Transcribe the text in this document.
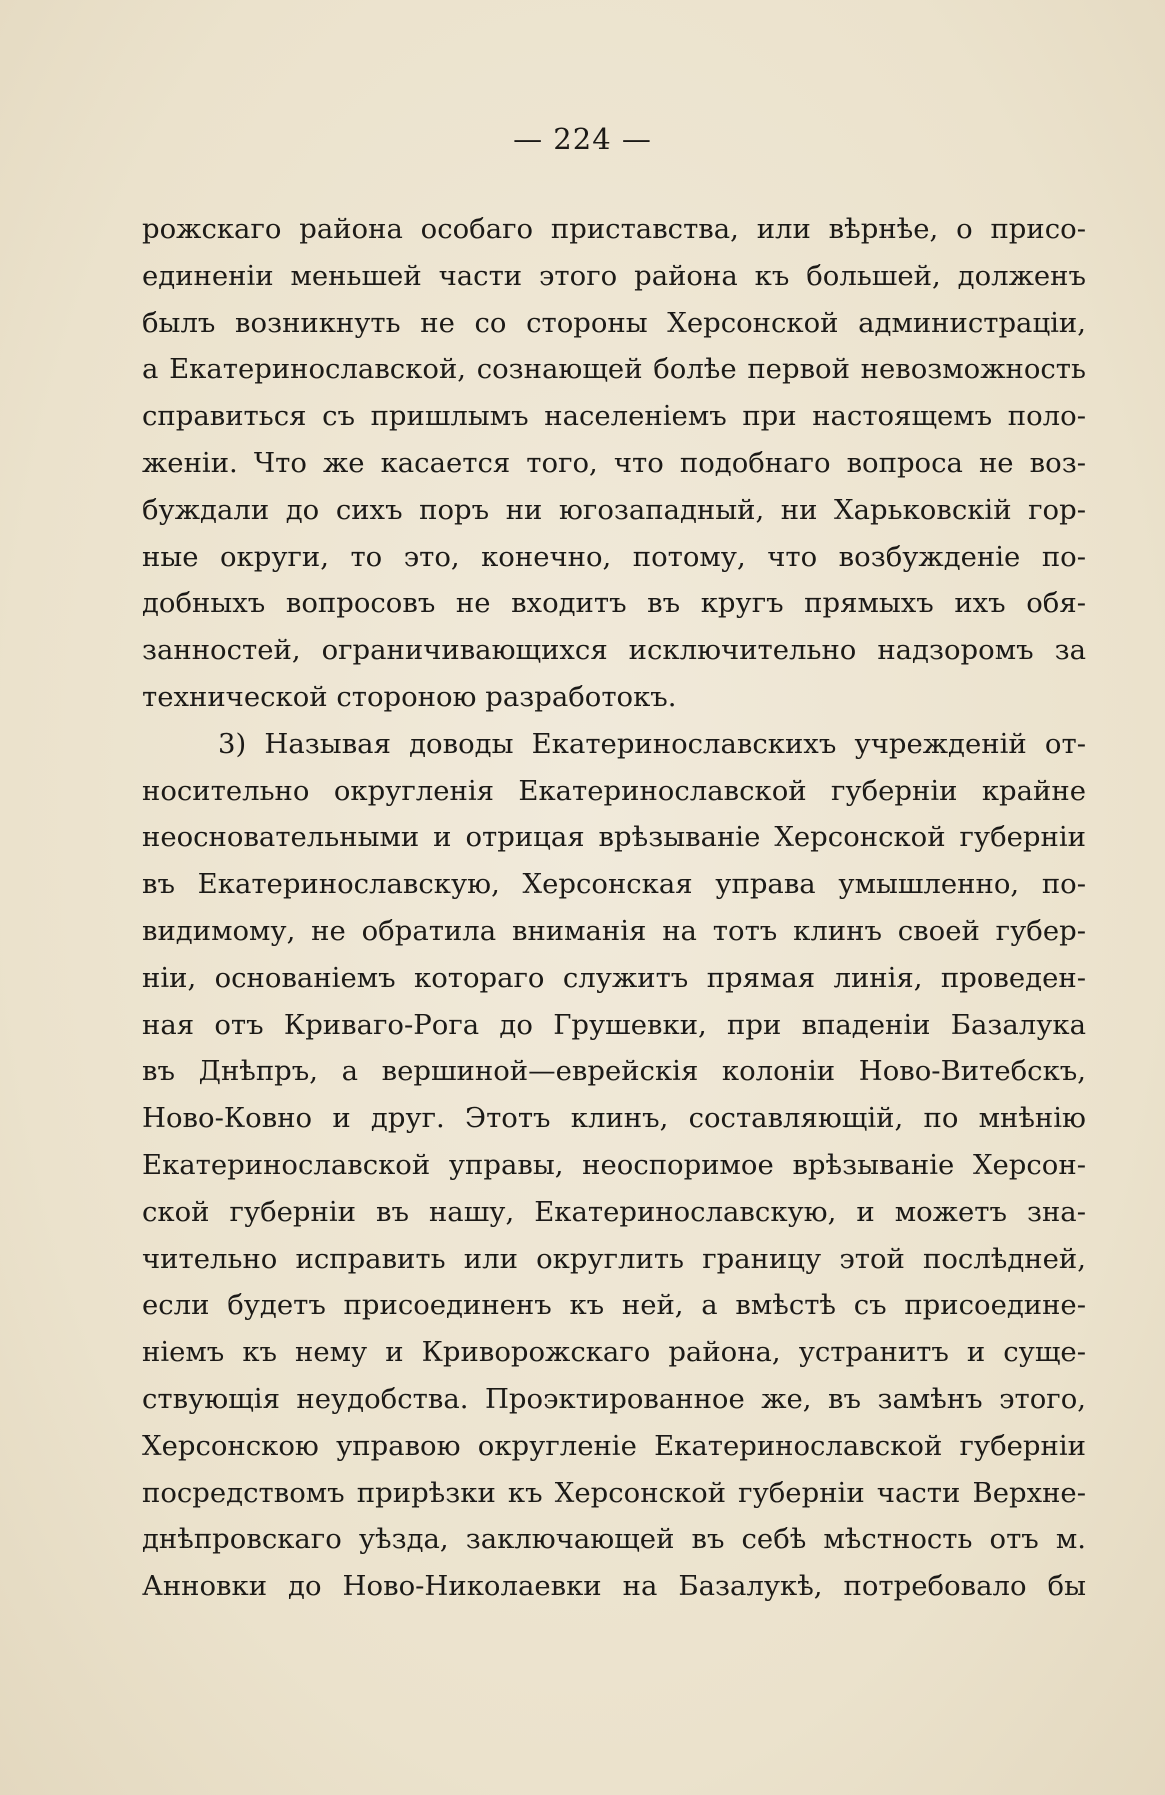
— 224 —
рожскаго района особаго приставства, или вѣрнѣе, о присо-
единеніи меньшей части этого района къ большей, долженъ
былъ возникнуть не со стороны Херсонской администраціи,
а Екатеринославской, сознающей болѣе первой невозможность
справиться съ пришлымъ населеніемъ при настоящемъ поло-
женіи. Что же касается того, что подобнаго вопроса не воз-
буждали до сихъ поръ ни югозападный, ни Харьковскій гор-
ные округи, то это, конечно, потому, что возбужденіе по-
добныхъ вопросовъ не входитъ въ кругъ прямыхъ ихъ обя-
занностей, ограничивающихся исключительно надзоромъ за
технической стороною разработокъ.
3) Называя доводы Екатеринославскихъ учрежденій от-
носительно округленія Екатеринославской губерніи крайне
неосновательными и отрицая врѣзываніе Херсонской губерніи
въ Екатеринославскую, Херсонская управа умышленно, по-
видимому, не обратила вниманія на тотъ клинъ своей губер-
ніи, основаніемъ котораго служитъ прямая линія, проведен-
ная отъ Криваго-Рога до Грушевки, при впаденіи Базалука
въ Днѣпръ, а вершиной—еврейскія колоніи Ново-Витебскъ,
Ново-Ковно и друг. Этотъ клинъ, составляющій, по мнѣнію
Екатеринославской управы, неоспоримое врѣзываніе Херсон-
ской губерніи въ нашу, Екатеринославскую, и можетъ зна-
чительно исправить или округлить границу этой послѣдней,
если будетъ присоединенъ къ ней, а вмѣстѣ съ присоедине-
ніемъ къ нему и Криворожскаго района, устранитъ и суще-
ствующія неудобства. Проэктированное же, въ замѣнъ этого,
Херсонскою управою округленіе Екатеринославской губерніи
посредствомъ прирѣзки къ Херсонской губерніи части Верхне-
днѣпровскаго уѣзда, заключающей въ себѣ мѣстность отъ м.
Анновки до Ново-Николаевки на Базалукѣ, потребовало бы
